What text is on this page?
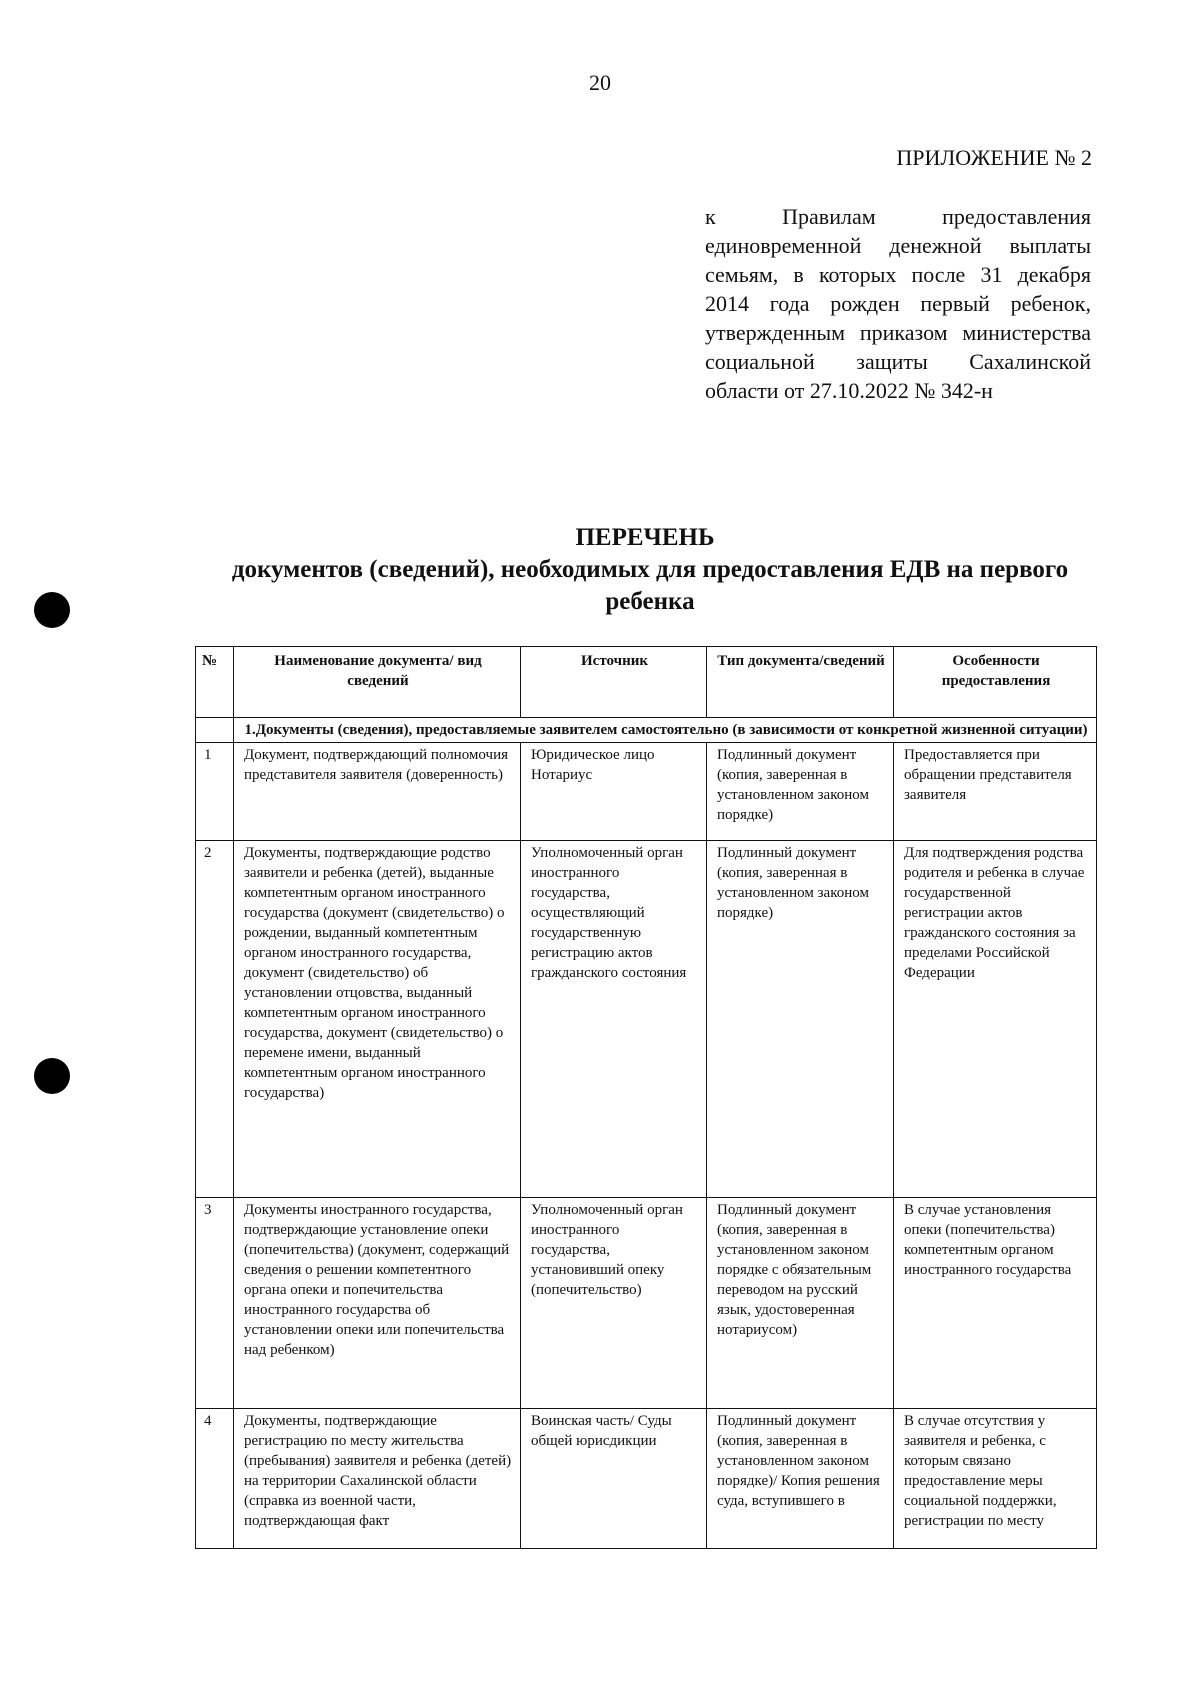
20
ПРИЛОЖЕНИЕ № 2
к Правилам предоставления единовременной денежной выплаты семьям, в которых после 31 декабря 2014 года рожден первый ребенок, утвержденным приказом министерства социальной защиты Сахалинской области от 27.10.2022 № 342-н
ПЕРЕЧЕНЬ
документов (сведений), необходимых для предоставления ЕДВ на первого ребенка
№	Наименование документа/ вид сведений	Источник	Тип документа/сведений	Особенности предоставления
	1.Документы (сведения), предоставляемые заявителем самостоятельно (в зависимости от конкретной жизненной ситуации)			
1	Документ, подтверждающий полномочия представителя заявителя (доверенность)	Юридическое лицо Нотариус	Подлинный документ (копия, заверенная в установленном законом порядке)	Предоставляется при обращении представителя заявителя
2	Документы, подтверждающие родство заявители и ребенка (детей), выданные компетентным органом иностранного государства (документ (свидетельство) о рождении, выданный компетентным органом иностранного государства, документ (свидетельство) об установлении отцовства, выданный компетентным органом иностранного государства, документ (свидетельство) о перемене имени, выданный компетентным органом иностранного государства)	Уполномоченный орган иностранного государства, осуществляющий государственную регистрацию актов гражданского состояния	Подлинный документ (копия, заверенная в установленном законом порядке)	Для подтверждения родства родителя и ребенка в случае государственной регистрации актов гражданского состояния за пределами Российской Федерации
3	Документы иностранного государства, подтверждающие установление опеки (попечительства) (документ, содержащий сведения о решении компетентного органа опеки и попечительства иностранного государства об установлении опеки или попечительства над ребенком)	Уполномоченный орган иностранного государства, установивший опеку (попечительство)	Подлинный документ (копия, заверенная в установленном законом порядке с обязательным переводом на русский язык, удостоверенная нотариусом)	В случае установления опеки (попечительства) компетентным органом иностранного государства
4	Документы, подтверждающие регистрацию по месту жительства (пребывания) заявителя и ребенка (детей) на территории Сахалинской области (справка из военной части, подтверждающая факт	Воинская часть/ Суды общей юрисдикции	Подлинный документ (копия, заверенная в установленном законом порядке)/ Копия решения суда, вступившего в	В случае отсутствия у заявителя и ребенка, с которым связано предоставление меры социальной поддержки, регистрации по месту
